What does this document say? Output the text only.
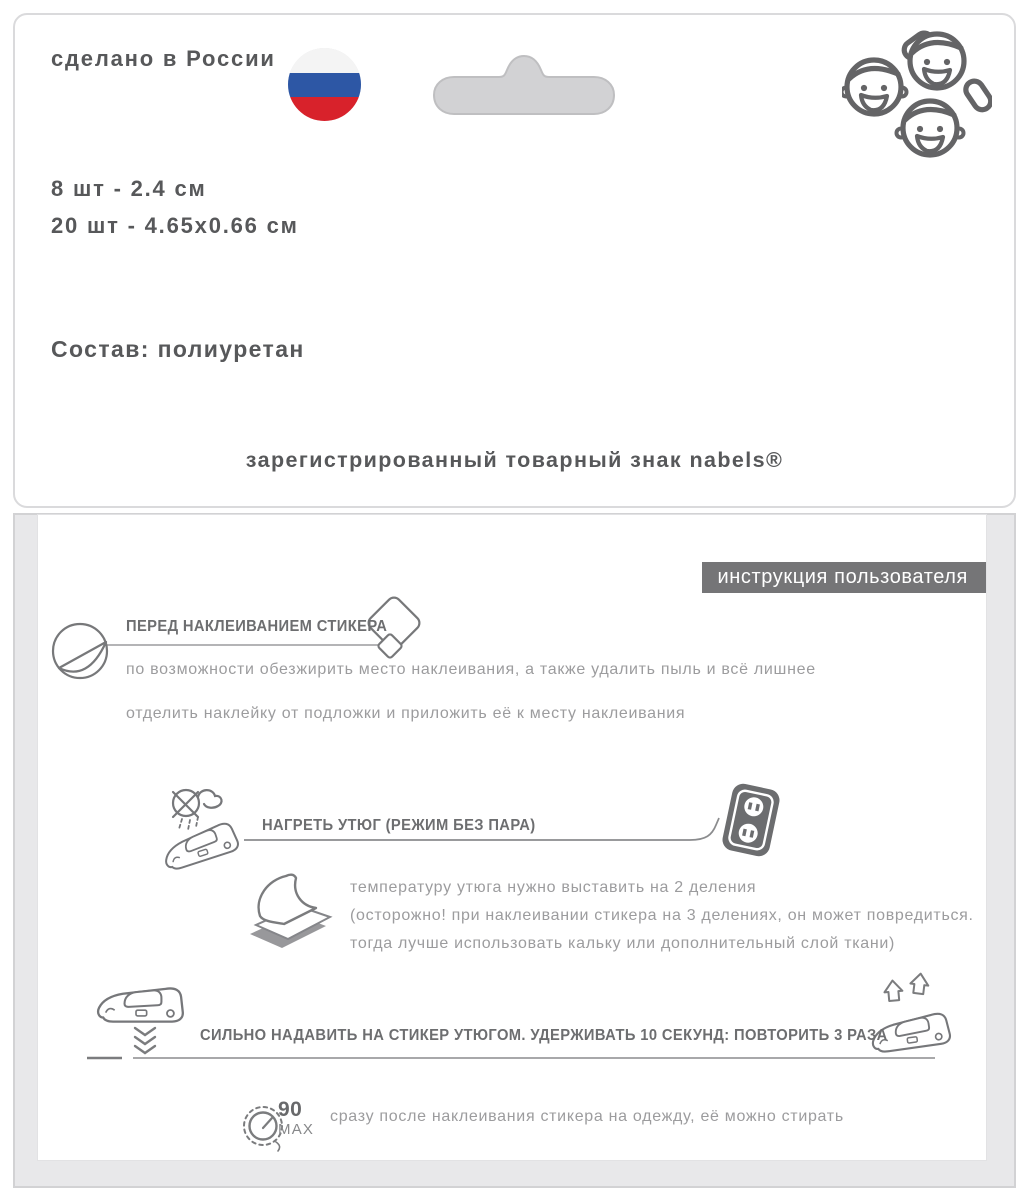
сделано в России
8 шт - 2.4 см
20 шт - 4.65x0.66 см
Состав: полиуретан
зарегистрированный товарный знак nabels®
инструкция пользователя
ПЕРЕД НАКЛЕИВАНИЕМ СТИКЕРА
по возможности обезжирить место наклеивания, а также удалить пыль и всё лишнее
отделить наклейку от подложки и приложить её к месту наклеивания
НАГРЕТЬ УТЮГ (РЕЖИМ БЕЗ ПАРА)
температуру утюга нужно выставить на 2 деления
(осторожно! при наклеивании стикера на 3 делениях, он может повредиться.
тогда лучше использовать кальку или дополнительный слой ткани)
СИЛЬНО НАДАВИТЬ НА СТИКЕР УТЮГОМ. УДЕРЖИВАТЬ 10 СЕКУНД: ПОВТОРИТЬ 3 РАЗА
90
MAX
сразу после наклеивания стикера на одежду, её можно стирать
